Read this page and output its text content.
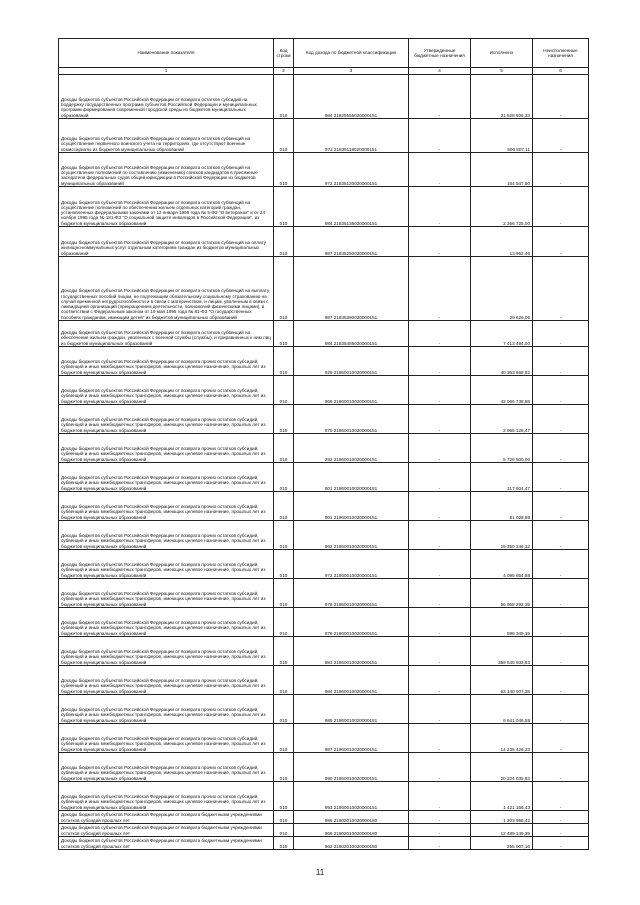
Наименование показателя	Код строки	Код дохода по бюджетной классификации	Утвержденные бюджетные назначения	Исполнено	Неисполненные назначения
1	2	3	4	5	6
Доходы бюджетов субъектов Российской Федерации от возврата остатков субсидий на поддержку государственных программ субъектов Российской Федерации и муниципальных программ формирования современной городской среды из бюджетов муниципальных образований	010	984 21825555020000151	-	31 528 606,33	-
Доходы бюджетов субъектов Российской Федерации от возврата остатков субвенций на осуществление первичного воинского учета на территориях, где отсутствуют военные комиссариаты из бюджетов муниципальных образований	010	972 21835118020000151	-	506 807,11	-
Доходы бюджетов субъектов Российской Федерации от возврата остатков субвенций на осуществление полномочий по составлению (изменению) списков кандидатов в присяжные заседатели федеральных судов общей юрисдикции в Российской Федерации из бюджетов муниципальных образований	010	972 21835120020000151	-	164 547,50	-
Доходы бюджетов субъектов Российской Федерации от возврата остатков субвенций на осуществление полномочий по обеспечению жильем отдельных категорий граждан, установленных федеральными законами от 12 января 1995 года № 5-ФЗ "О ветеранах" и от 24 ноября 1995 года № 181-ФЗ "О социальной защите инвалидов в Российской Федерации", из бюджетов муниципальных образований	010	984 21835135020000151	-	2 366 725,00	-
Доходы бюджетов субъектов Российской Федерации от возврата остатков субвенций на оплату жилищно-коммунальных услуг отдельным категориям граждан из бюджетов муниципальных образований	010	987 21835250020000151	-	13 952,46	-
Доходы бюджетов субъектов Российской Федерации от возврата остатков субвенций на выплату государственных пособий лицам, не подлежащим обязательному социальному страхованию на случай временной нетрудоспособности и в связи с материнством, и лицам, уволенным в связи с ликвидацией организаций (прекращением деятельности, полномочий физическими лицами), в соответствии с Федеральным законом от 19 мая 1995 года № 81-ФЗ "О государственных пособиях гражданам, имеющим детей" из бюджетов муниципальных образований	010	987 21835380020000151	-	29 626,05	-
Доходы бюджетов субъектов Российской Федерации от возврата остатков субвенций на обеспечение жильем граждан, уволенных с военной службы (службы), и приравненных к ним лиц из бюджетов муниципальных образований	010	984 21835485020000151	-	7 413 494,00	-
Доходы бюджетов субъектов Российской Федерации от возврата прочих остатков субсидий, субвенций и иных межбюджетных трансферов, имеющих целевое назначение, прошлых лет из бюджетов муниципальных образований	010	929 21860010020000151	-	40 363 668,82	-
Доходы бюджетов субъектов Российской Федерации от возврата прочих остатков субсидий, субвенций и иных межбюджетных трансферов, имеющих целевое назначение, прошлых лет из бюджетов муниципальных образований	010	968 21860010020000151	-	42 066 738,58	-
Доходы бюджетов субъектов Российской Федерации от возврата прочих остатков субсидий, субвенций и иных межбюджетных трансферов, имеющих целевое назначение, прошлых лет из бюджетов муниципальных образований	010	975 21860010020000151	-	2 965 128,47	-
Доходы бюджетов субъектов Российской Федерации от возврата прочих остатков субсидий, субвенций и иных межбюджетных трансферов, имеющих целевое назначение, прошлых лет из бюджетов муниципальных образований	010	252 21860010020000151	-	5 726 500,00	-
Доходы бюджетов субъектов Российской Федерации от возврата прочих остатков субсидий, субвенций и иных межбюджетных трансферов, имеющих целевое назначение, прошлых лет из бюджетов муниципальных образований	010	801 21860010020000151	-	317 604,47	-
Доходы бюджетов субъектов Российской Федерации от возврата прочих остатков субсидий, субвенций и иных межбюджетных трансферов, имеющих целевое назначение, прошлых лет из бюджетов муниципальных образований	010	901 21860010020000151	-	51 028,98	-
Доходы бюджетов субъектов Российской Федерации от возврата прочих остатков субсидий, субвенций и иных межбюджетных трансферов, имеющих целевое назначение, прошлых лет из бюджетов муниципальных образований	010	962 21860010020000151	-	15 350 346,12	-
Доходы бюджетов субъектов Российской Федерации от возврата прочих остатков субсидий, субвенций и иных межбюджетных трансферов, имеющих целевое назначение, прошлых лет из бюджетов муниципальных образований	010	972 21860010020000151	-	4 095 654,88	-
Доходы бюджетов субъектов Российской Федерации от возврата прочих остатков субсидий, субвенций и иных межбюджетных трансферов, имеющих целевое назначение, прошлых лет из бюджетов муниципальных образований	010	978 21860010020000151	-	56 958 292,39	-
Доходы бюджетов субъектов Российской Федерации от возврата прочих остатков субсидий, субвенций и иных межбюджетных трансферов, имеющих целевое назначение, прошлых лет из бюджетов муниципальных образований	010	979 21860010020000151	-	596 349,15	-
Доходы бюджетов субъектов Российской Федерации от возврата прочих остатков субсидий, субвенций и иных межбюджетных трансферов, имеющих целевое назначение, прошлых лет из бюджетов муниципальных образований	010	981 21860010020000151	-	359 645 933,83	-
Доходы бюджетов субъектов Российской Федерации от возврата прочих остатков субсидий, субвенций и иных межбюджетных трансферов, имеющих целевое назначение, прошлых лет из бюджетов муниципальных образований	010	984 21860010020000151	-	63 140 007,38	-
Доходы бюджетов субъектов Российской Федерации от возврата прочих остатков субсидий, субвенций и иных межбюджетных трансферов, имеющих целевое назначение, прошлых лет из бюджетов муниципальных образований	010	985 21860010020000151	-	6 641 046,58	-
Доходы бюджетов субъектов Российской Федерации от возврата прочих остатков субсидий, субвенций и иных межбюджетных трансферов, имеющих целевое назначение, прошлых лет из бюджетов муниципальных образований	010	987 21860010020000151	-	14 235 426,23	-
Доходы бюджетов субъектов Российской Федерации от возврата прочих остатков субсидий, субвенций и иных межбюджетных трансферов, имеющих целевое назначение, прошлых лет из бюджетов муниципальных образований	010	990 21860010020000151	-	20 224 035,93	-
Доходы бюджетов субъектов Российской Федерации от возврата прочих остатков субсидий, субвенций и иных межбюджетных трансферов, имеющих целевое назначение, прошлых лет из бюджетов муниципальных образований	010	993 21860010020000151	-	1 421 156,43	-
Доходы бюджетов субъектов Российской Федерации от возврата бюджетными учреждениями остатков субсидий прошлых лет	010	986 21802010020000180	-	1 203 958,42	-
Доходы бюджетов субъектов Российской Федерации от возврата бюджетными учреждениями остатков субсидий прошлых лет	010	968 21802010020000180	-	12 489 149,39	-
Доходы бюджетов субъектов Российской Федерации от возврата бюджетными учреждениями остатков субсидий прошлых лет	010	962 21802010020000180	-	255 907,16	-
11
